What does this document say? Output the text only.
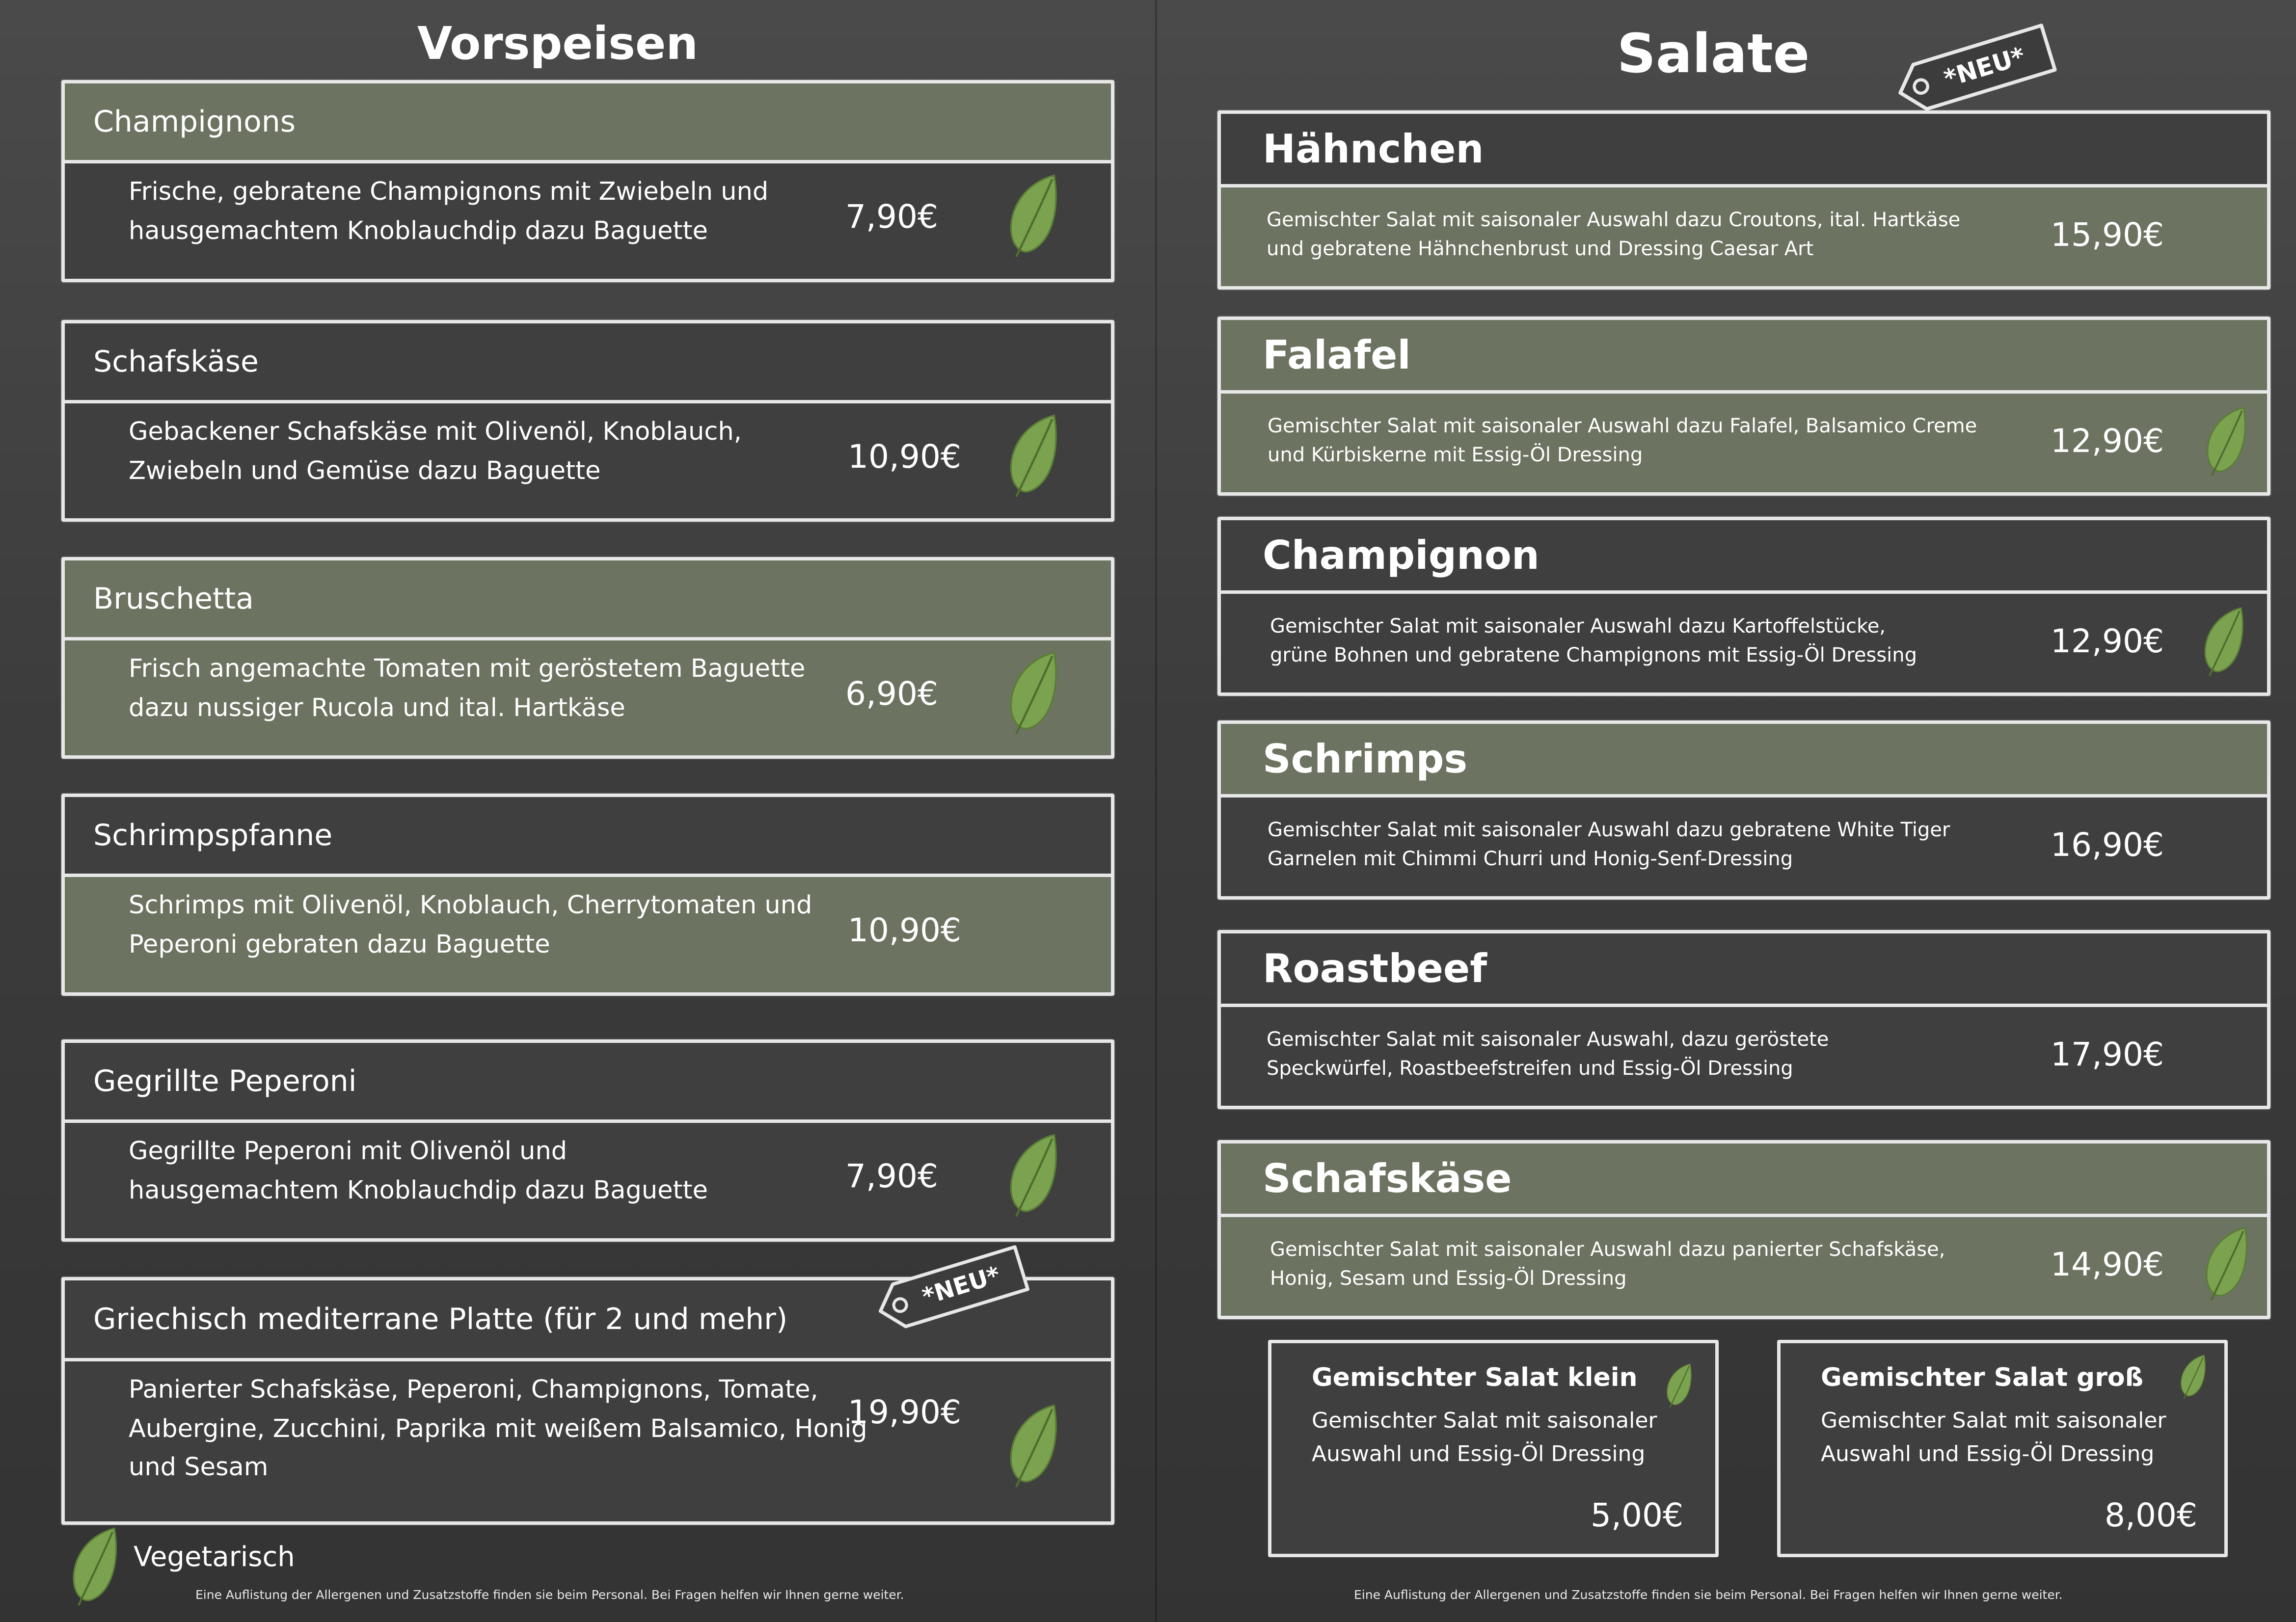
Vorspeisen
Champignons
Frische, gebratene Champignons mit Zwiebeln und
hausgemachtem Knoblauchdip dazu Baguette	7,90€
Schafskäse
Gebackener Schafskäse mit Olivenöl, Knoblauch,
Zwiebeln und Gemüse dazu Baguette	10,90€
Bruschetta
Frisch angemachte Tomaten mit geröstetem Baguette
dazu nussiger Rucola und ital. Hartkäse	6,90€
Schrimpspfanne
Schrimps mit Olivenöl, Knoblauch, Cherrytomaten und
Peperoni gebraten dazu Baguette	10,90€
Gegrillte Peperoni
Gegrillte Peperoni mit Olivenöl und
hausgemachtem Knoblauchdip dazu Baguette	7,90€
Griechisch mediterrane Platte (für 2 und mehr)
Panierter Schafskäse, Peperoni, Champignons, Tomate,
Aubergine, Zucchini, Paprika mit weißem Balsamico, Honig
und Sesam
19,90€
*NEU*
Vegetarisch
Eine Auflistung der Allergenen und Zusatzstoffe finden sie beim Personal. Bei Fragen helfen wir Ihnen gerne weiter.
Salate	*NEU*
Hähnchen
Gemischter Salat mit saisonaler Auswahl dazu Croutons, ital. Hartkäse
und gebratene Hähnchenbrust und Dressing Caesar Art	15,90€
Falafel
Gemischter Salat mit saisonaler Auswahl dazu Falafel, Balsamico Creme
und Kürbiskerne mit Essig-Öl Dressing	12,90€
Champignon
Gemischter Salat mit saisonaler Auswahl dazu Kartoffelstücke,
grüne Bohnen und gebratene Champignons mit Essig-Öl Dressing	12,90€
Schrimps
Gemischter Salat mit saisonaler Auswahl dazu gebratene White Tiger
Garnelen mit Chimmi Churri und Honig-Senf-Dressing	16,90€
Roastbeef
Gemischter Salat mit saisonaler Auswahl, dazu geröstete
Speckwürfel, Roastbeefstreifen und Essig-Öl Dressing	17,90€
Schafskäse
Gemischter Salat mit saisonaler Auswahl dazu panierter Schafskäse,
Honig, Sesam und Essig-Öl Dressing	14,90€
Gemischter Salat klein
Gemischter Salat mit saisonaler
Auswahl und Essig-Öl Dressing
5,00€
Gemischter Salat groß
Gemischter Salat mit saisonaler
Auswahl und Essig-Öl Dressing
8,00€
Eine Auflistung der Allergenen und Zusatzstoffe finden sie beim Personal. Bei Fragen helfen wir Ihnen gerne weiter.
